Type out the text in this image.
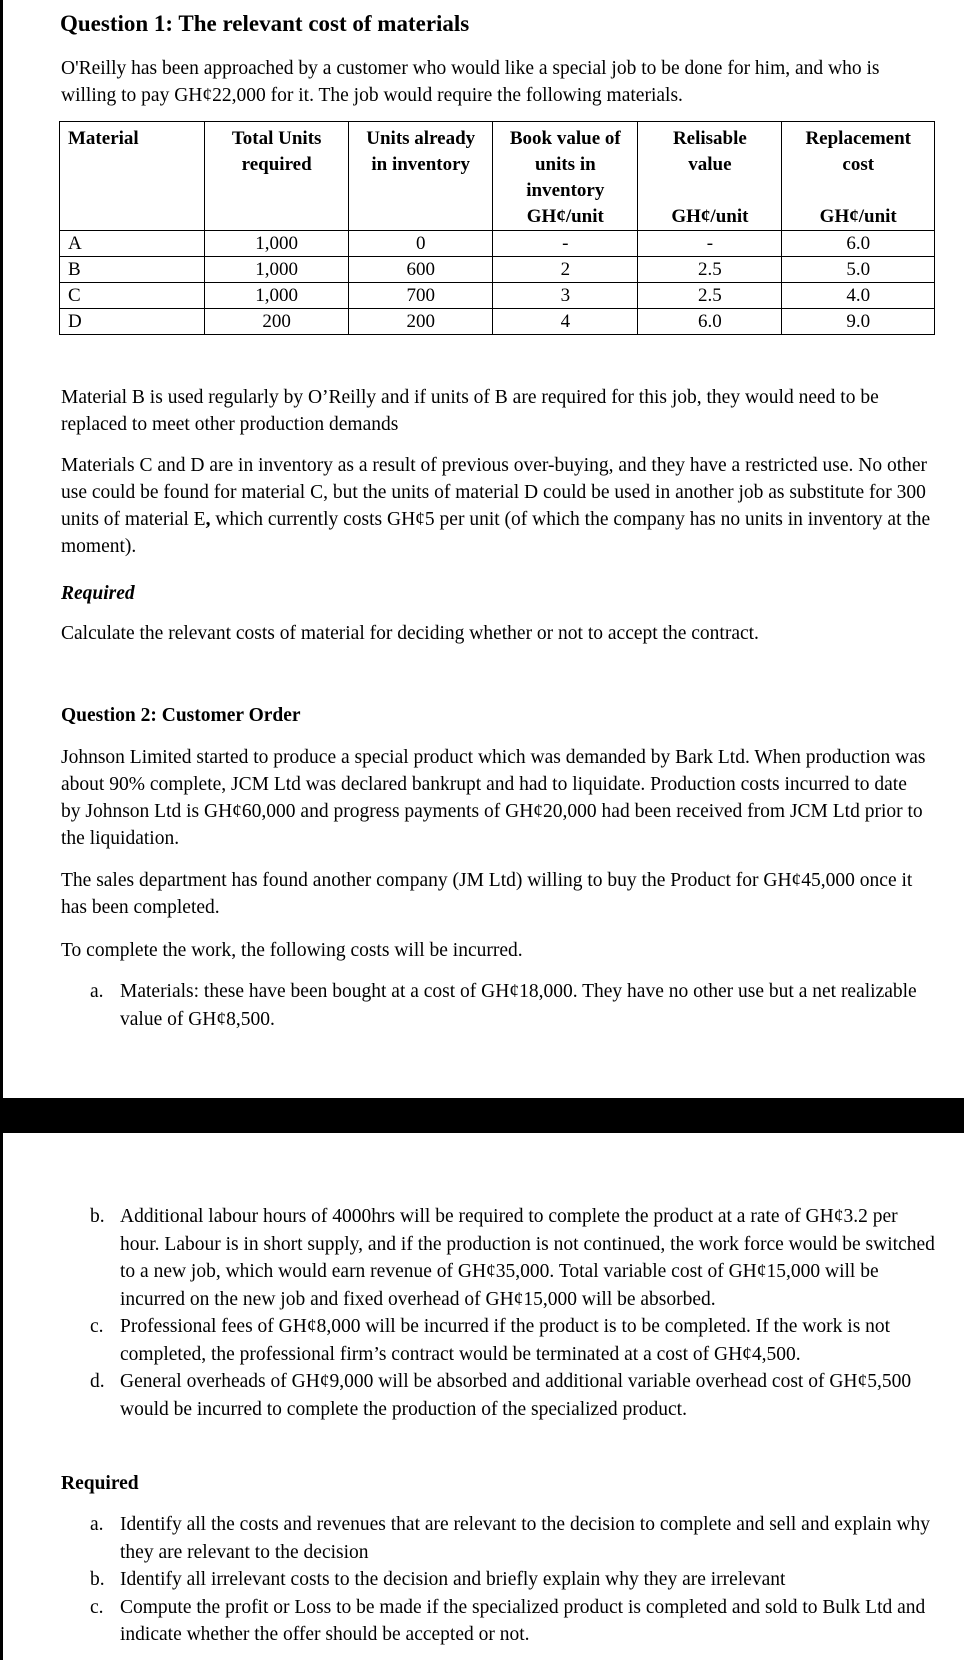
Question 1: The relevant cost of materials

O'Reilly has been approached by a customer who would like a special job to be done for him, and who is willing to pay GH¢22,000 for it. The job would require the following materials.

Material	Total Units required	Units already in inventory	Book value of units in inventory	Relisable value	Replacement cost
			GH¢/unit	GH¢/unit	GH¢/unit
A	1,000	0	-	-	6.0
B	1,000	600	2	2.5	5.0
C	1,000	700	3	2.5	4.0
D	200	200	4	6.0	9.0

Material B is used regularly by O’Reilly and if units of B are required for this job, they would need to be replaced to meet other production demands

Materials C and D are in inventory as a result of previous over-buying, and they have a restricted use. No other use could be found for material C, but the units of material D could be used in another job as substitute for 300 units of material E, which currently costs GH¢5 per unit (of which the company has no units in inventory at the moment).

Required

Calculate the relevant costs of material for deciding whether or not to accept the contract.

Question 2: Customer Order

Johnson Limited started to produce a special product which was demanded by Bark Ltd. When production was about 90% complete, JCM Ltd was declared bankrupt and had to liquidate. Production costs incurred to date by Johnson Ltd is GH¢60,000 and progress payments of GH¢20,000 had been received from JCM Ltd prior to the liquidation.

The sales department has found another company (JM Ltd) willing to buy the Product for GH¢45,000 once it has been completed.

To complete the work, the following costs will be incurred.

a. Materials: these have been bought at a cost of GH¢18,000. They have no other use but a net realizable value of GH¢8,500.
b. Additional labour hours of 4000hrs will be required to complete the product at a rate of GH¢3.2 per hour. Labour is in short supply, and if the production is not continued, the work force would be switched to a new job, which would earn revenue of GH¢35,000. Total variable cost of GH¢15,000 will be incurred on the new job and fixed overhead of GH¢15,000 will be absorbed.
c. Professional fees of GH¢8,000 will be incurred if the product is to be completed. If the work is not completed, the professional firm’s contract would be terminated at a cost of GH¢4,500.
d. General overheads of GH¢9,000 will be absorbed and additional variable overhead cost of GH¢5,500 would be incurred to complete the production of the specialized product.

Required

a. Identify all the costs and revenues that are relevant to the decision to complete and sell and explain why they are relevant to the decision
b. Identify all irrelevant costs to the decision and briefly explain why they are irrelevant
c. Compute the profit or Loss to be made if the specialized product is completed and sold to Bulk Ltd and indicate whether the offer should be accepted or not.
